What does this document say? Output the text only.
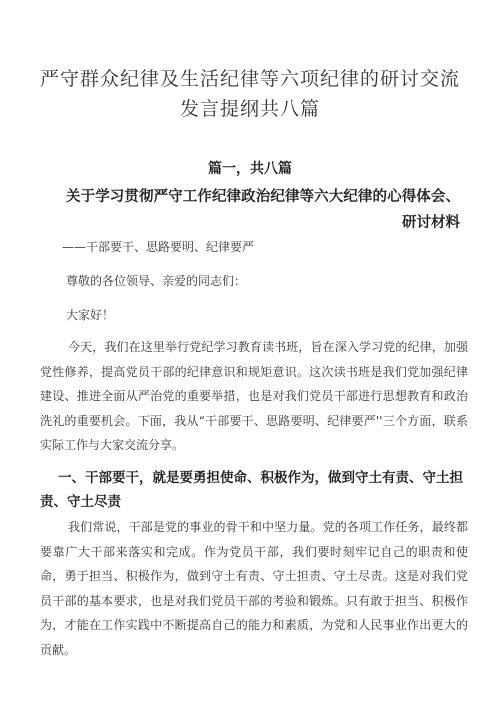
严守群众纪律及生活纪律等六项纪律的研讨交流发言提纲共八篇
篇一，共八篇
关于学习贯彻严守工作纪律政治纪律等六大纪律的心得体会、研讨材料
——干部要干、思路要明、纪律要严
尊敬的各位领导、亲爱的同志们：
大家好！
今天，我们在这里举行党纪学习教育读书班，旨在深入学习党的纪律，加强党性修养，提高党员干部的纪律意识和规矩意识。这次读书班是我们党加强纪律建设、推进全面从严治党的重要举措，也是对我们党员干部进行思想教育和政治洗礼的重要机会。下面，我从“干部要干、思路要明、纪律要严''三个方面，联系实际工作与大家交流分享。
一、干部要干，就是要勇担使命、积极作为，做到守土有责、守土担责、守土尽责
我们常说，干部是党的事业的骨干和中坚力量。党的各项工作任务，最终都要靠广大干部来落实和完成。作为党员干部，我们要时刻牢记自己的职责和使命，勇于担当、积极作为，做到守土有责、守土担责、守土尽责。这是对我们党员干部的基本要求，也是对我们党员干部的考验和锻炼。只有敢于担当、积极作为，才能在工作实践中不断提高自己的能力和素质，为党和人民事业作出更大的贡献。
